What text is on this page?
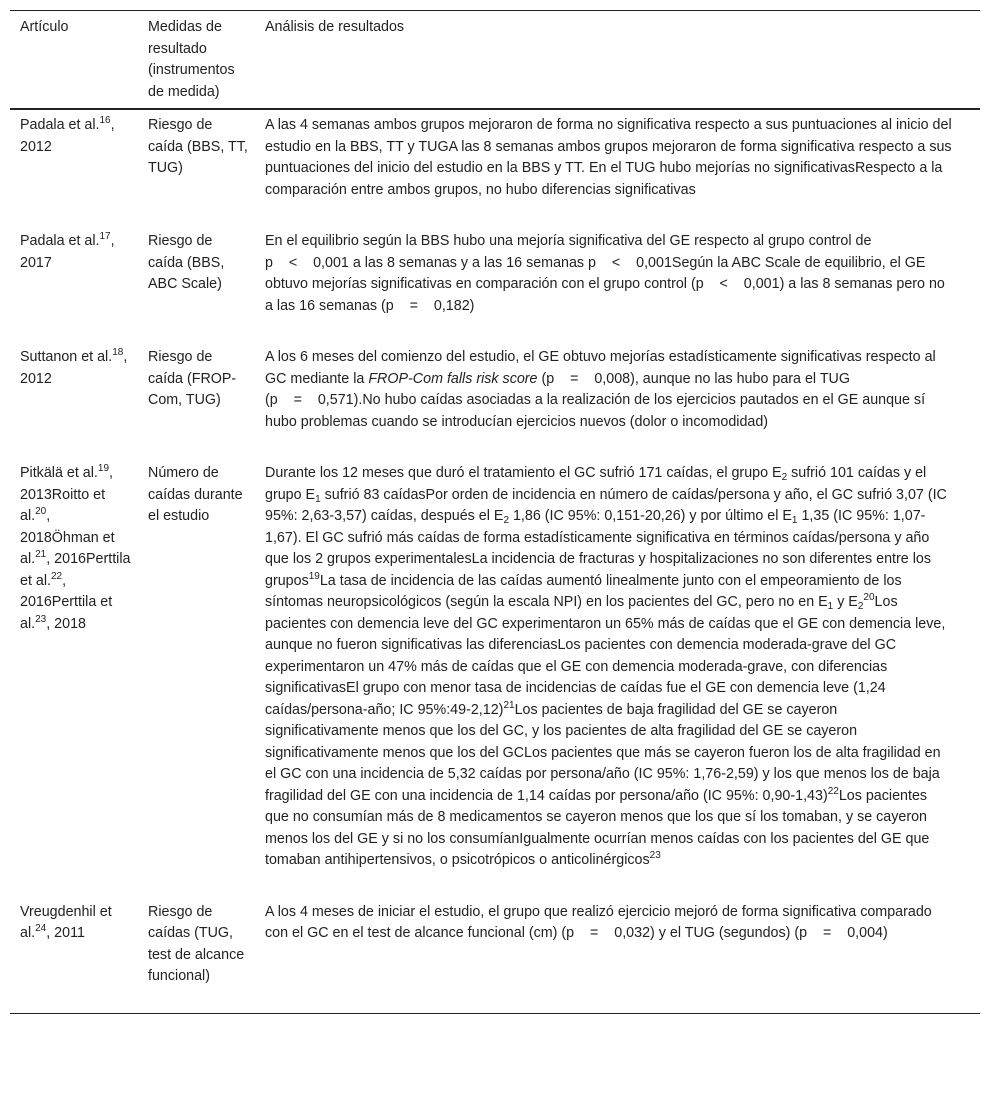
Artículo	Medidas de resultado (instrumentos de medida)	Análisis de resultados
Padala et al.$^{16}$, 2012	Riesgo de caída (BBS, TT, TUG)	A las 4 semanas ambos grupos mejoraron de forma no significativa respecto a sus puntuaciones al inicio del estudio en la BBS, TT y TUGA las 8 semanas ambos grupos mejoraron de forma significativa respecto a sus puntuaciones del inicio del estudio en la BBS y TT. En el TUG hubo mejorías no significativasRespecto a la comparación entre ambos grupos, no hubo diferencias significativas
Padala et al.$^{17}$, 2017	Riesgo de caída (BBS, ABC Scale)	En el equilibrio según la BBS hubo una mejoría significativa del GE respecto al grupo control de p    <    0,001 a las 8 semanas y a las 16 semanas p    <    0,001Según la ABC Scale de equilibrio, el GE obtuvo mejorías significativas en comparación con el grupo control (p    <    0,001) a las 8 semanas pero no a las 16 semanas (p    =    0,182)
Suttanon et al.$^{18}$, 2012	Riesgo de caída (FROP-Com, TUG)	A los 6 meses del comienzo del estudio, el GE obtuvo mejorías estadísticamente significativas respecto al GC mediante la FROP-Com falls risk score (p    =    0,008), aunque no las hubo para el TUG (p    =    0,571).No hubo caídas asociadas a la realización de los ejercicios pautados en el GE aunque sí hubo problemas cuando se introducían ejercicios nuevos (dolor o incomodidad)
Pitkälä et al.$^{19}$, 2013Roitto et al.$^{20}$, 2018Öhman et al.$^{21}$, 2016Perttila et al.$^{22}$, 2016Perttila et al.$^{23}$, 2018	Número de caídas durante el estudio	Durante los 12 meses que duró el tratamiento el GC sufrió 171 caídas, el grupo $E_2$ sufrió 101 caídas y el grupo $E_1$ sufrió 83 caídasPor orden de incidencia en número de caídas/persona y año, el GC sufrió 3,07 (IC 95%: 2,63-3,57) caídas, después el $E_2$ 1,86 (IC 95%: 0,151-20,26) y por último el $E_1$ 1,35 (IC 95%: 1,07-1,67). El GC sufrió más caídas de forma estadísticamente significativa en términos caídas/persona y año que los 2 grupos experimentalesLa incidencia de fracturas y hospitalizaciones no son diferentes entre los grupos$^{19}$La tasa de incidencia de las caídas aumentó linealmente junto con el empeoramiento de los síntomas neuropsicológicos (según la escala NPI) en los pacientes del GC, pero no en $E_1$ y $E_2^{20}Los$ pacientes con demencia leve del GC experimentaron un 65% más de caídas que el GE con demencia leve, aunque no fueron significativas las diferenciasLos pacientes con demencia moderada-grave del GC experimentaron un 47% más de caídas que el GE con demencia moderada-grave, con diferencias significativasEl grupo con menor tasa de incidencias de caídas fue el GE con demencia leve (1,24 caídas/persona-año; IC 95%:49-2,12)$^{21}$Los pacientes de baja fragilidad del GE se cayeron significativamente menos que los del GC, y los pacientes de alta fragilidad del GE se cayeron significativamente menos que los del GCLos pacientes que más se cayeron fueron los de alta fragilidad en el GC con una incidencia de 5,32 caídas por persona/año (IC 95%: 1,76-2,59) y los que menos los de baja fragilidad del GE con una incidencia de 1,14 caídas por persona/año (IC 95%: 0,90-1,43)$^{22}$Los pacientes que no consumían más de 8 medicamentos se cayeron menos que los que sí los tomaban, y se cayeron menos los del GE y si no los consumíanIgualmente ocurrían menos caídas con los pacientes del GE que tomaban antihipertensivos, o psicotrópicos o anticolinérgicos$^{23}$
Vreugdenhil et al.$^{24}$, 2011	Riesgo de caídas (TUG, test de alcance funcional)	A los 4 meses de iniciar el estudio, el grupo que realizó ejercicio mejoró de forma significativa comparado con el GC en el test de alcance funcional (cm) (p    =    0,032) y el TUG (segundos) (p    =    0,004)
